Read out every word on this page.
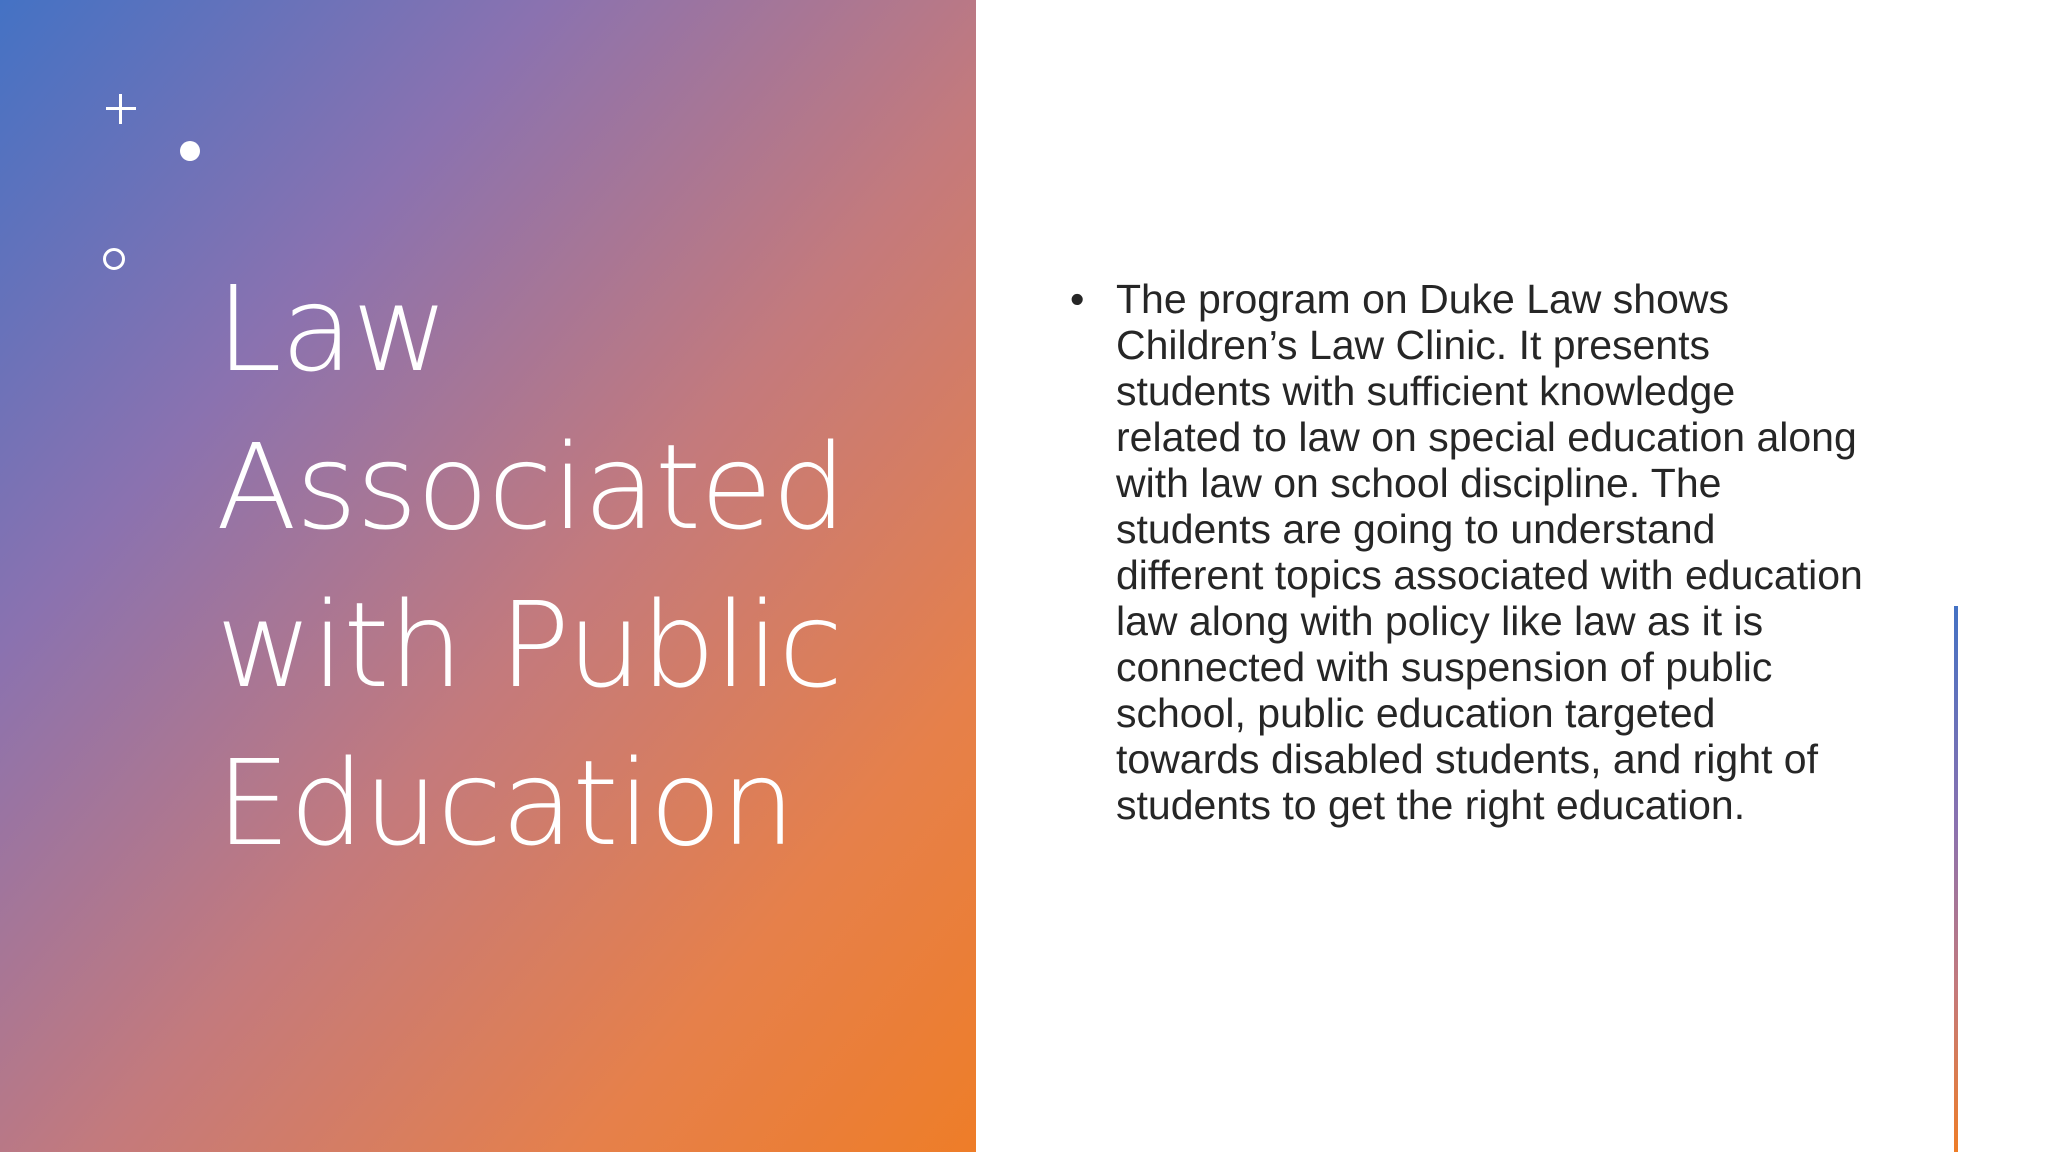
Law
Associated
with Public
Education
• The program on Duke Law shows Children’s Law Clinic. It presents students with sufficient knowledge related to law on special education along with law on school discipline. The students are going to understand different topics associated with education law along with policy like law as it is connected with suspension of public school, public education targeted towards disabled students, and right of students to get the right education.
